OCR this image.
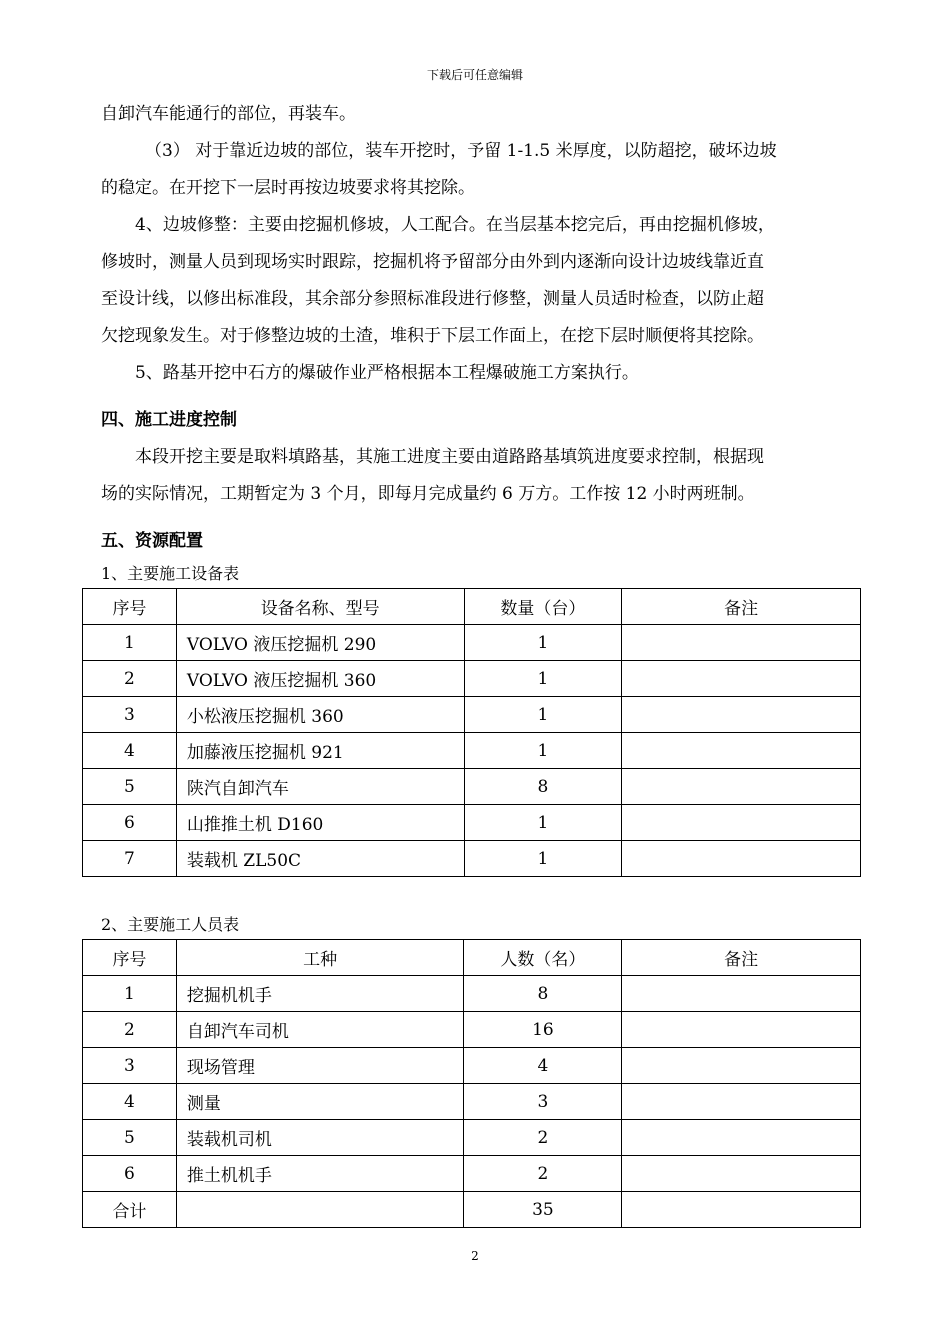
下载后可任意编辑

自卸汽车能通行的部位，再装车。

（3） 对于靠近边坡的部位，装车开挖时，予留 1-1.5 米厚度，以防超挖，破坏边坡

的稳定。在开挖下一层时再按边坡要求将其挖除。

4、边坡修整：主要由挖掘机修坡，人工配合。在当层基本挖完后，再由挖掘机修坡，

修坡时，测量人员到现场实时跟踪，挖掘机将予留部分由外到内逐渐向设计边坡线靠近直

至设计线，以修出标准段，其余部分参照标准段进行修整，测量人员适时检查，以防止超

欠挖现象发生。对于修整边坡的土渣，堆积于下层工作面上，在挖下层时顺便将其挖除。

5、路基开挖中石方的爆破作业严格根据本工程爆破施工方案执行。

四、施工进度控制

本段开挖主要是取料填路基，其施工进度主要由道路路基填筑进度要求控制，根据现

场的实际情况，工期暂定为 3 个月，即每月完成量约 6 万方。工作按 12 小时两班制。

五、资源配置

1、主要施工设备表

序号	设备名称、型号	数量（台）	备注
1	VOLVO 液压挖掘机 290	1	
2	VOLVO 液压挖掘机 360	1	
3	小松液压挖掘机 360	1	
4	加藤液压挖掘机 921	1	
5	陕汽自卸汽车	8	
6	山推推土机 D160	1	
7	装载机 ZL50C	1	

2、主要施工人员表

序号	工种	人数（名）	备注
1	挖掘机机手	8	
2	自卸汽车司机	16	
3	现场管理	4	
4	测量	3	
5	装载机司机	2	
6	推土机机手	2	
合计		35	
2
